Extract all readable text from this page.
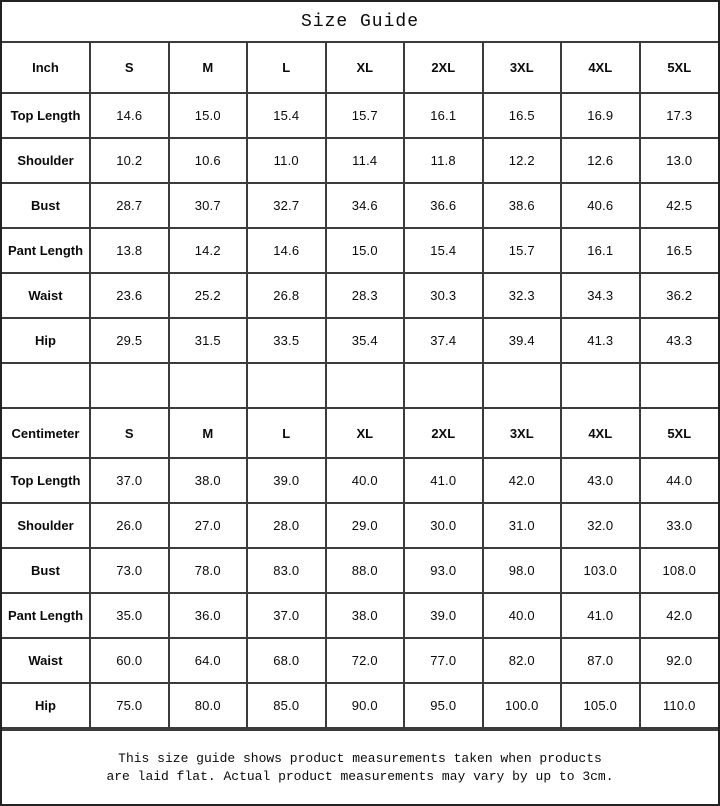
Size Guide
Inch	S	M	L	XL	2XL	3XL	4XL	5XL
Top Length	14.6	15.0	15.4	15.7	16.1	16.5	16.9	17.3
Shoulder	10.2	10.6	11.0	11.4	11.8	12.2	12.6	13.0
Bust	28.7	30.7	32.7	34.6	36.6	38.6	40.6	42.5
Pant Length	13.8	14.2	14.6	15.0	15.4	15.7	16.1	16.5
Waist	23.6	25.2	26.8	28.3	30.3	32.3	34.3	36.2
Hip	29.5	31.5	33.5	35.4	37.4	39.4	41.3	43.3

Centimeter	S	M	L	XL	2XL	3XL	4XL	5XL
Top Length	37.0	38.0	39.0	40.0	41.0	42.0	43.0	44.0
Shoulder	26.0	27.0	28.0	29.0	30.0	31.0	32.0	33.0
Bust	73.0	78.0	83.0	88.0	93.0	98.0	103.0	108.0
Pant Length	35.0	36.0	37.0	38.0	39.0	40.0	41.0	42.0
Waist	60.0	64.0	68.0	72.0	77.0	82.0	87.0	92.0
Hip	75.0	80.0	85.0	90.0	95.0	100.0	105.0	110.0
This size guide shows product measurements taken when products
are laid flat. Actual product measurements may vary by up to 3cm.
